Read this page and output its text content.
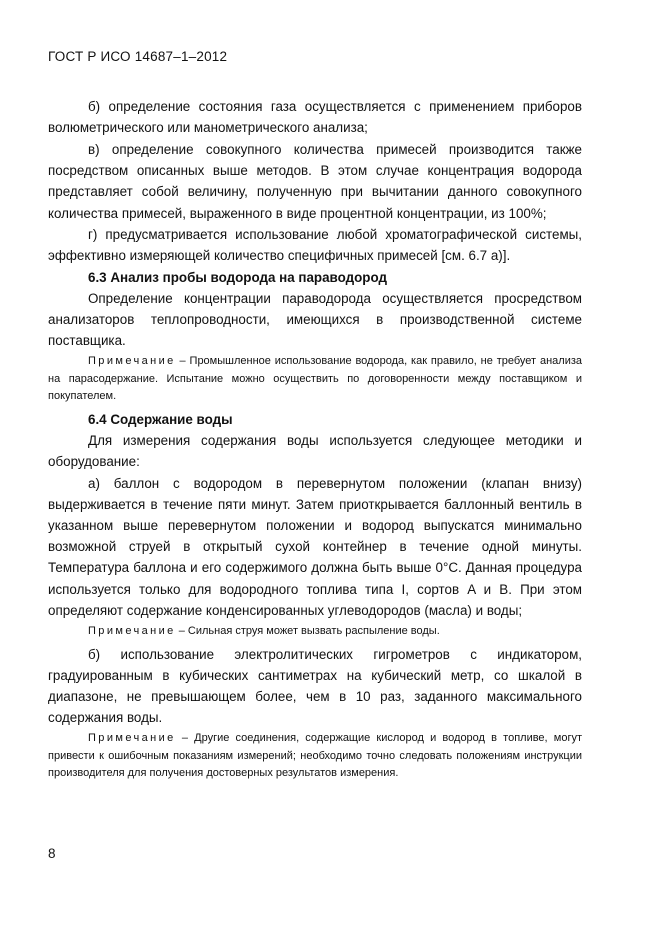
ГОСТ Р ИСО 14687–1–2012

б) определение состояния газа осуществляется с применением приборов волюметрического или манометрического анализа;

в) определение совокупного количества примесей производится также посредством описанных выше методов. В этом случае концентрация водорода представляет собой величину, полученную при вычитании данного совокупного количества примесей, выраженного в виде процентной концентрации, из 100%;

г) предусматривается использование любой хроматографической системы, эффективно измеряющей количество специфичных примесей [см. 6.7 а)].

6.3 Анализ пробы водорода на параводород

Определение концентрации параводорода осуществляется просредством анализаторов теплопроводности, имеющихся в производственной системе поставщика.

Примечание – Промышленное использование водорода, как правило, не требует анализа на парасодержание. Испытание можно осуществить по договоренности между поставщиком и покупателем.

6.4 Содержание воды

Для измерения содержания воды используется следующее методики и оборудование:

а) баллон с водородом в перевернутом положении (клапан внизу) выдерживается в течение пяти минут. Затем приоткрывается баллонный вентиль в указанном выше перевернутом положении и водород выпускатся минимально возможной струей в открытый сухой контейнер в течение одной минуты. Температура баллона и его содержимого должна быть выше 0°С. Данная процедура используется только для водородного топлива типа I, сортов A и B. При этом определяют содержание конденсированных углеводородов (масла) и воды;

Примечание – Сильная струя может вызвать распыление воды.

б) использование электролитических гигрометров с индикатором, градуированным в кубических сантиметрах на кубический метр, со шкалой в диапазоне, не превышающем более, чем в 10 раз, заданного максимального содержания воды.

Примечание – Другие соединения, содержащие кислород и водород в топливе, могут привести к ошибочным показаниям измерений; необходимо точно следовать положениям инструкции производителя для получения достоверных результатов измерения.

8
